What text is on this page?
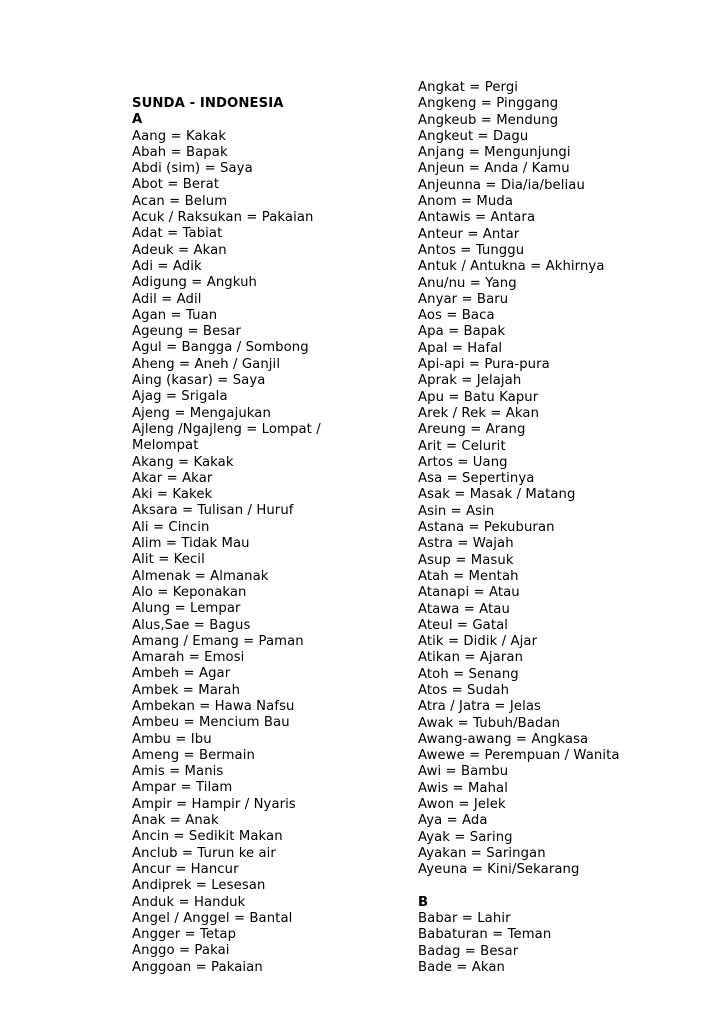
SUNDA - INDONESIA
A
Aang = Kakak
Abah = Bapak
Abdi (sim) = Saya
Abot = Berat
Acan = Belum
Acuk / Raksukan = Pakaian
Adat = Tabiat
Adeuk = Akan
Adi = Adik
Adigung = Angkuh
Adil = Adil
Agan = Tuan
Ageung = Besar
Agul = Bangga / Sombong
Aheng = Aneh / Ganjil
Aing (kasar) = Saya
Ajag = Srigala
Ajeng = Mengajukan
Ajleng /Ngajleng = Lompat /
Melompat
Akang = Kakak
Akar = Akar
Aki = Kakek
Aksara = Tulisan / Huruf
Ali = Cincin
Alim = Tidak Mau
Alit = Kecil
Almenak = Almanak
Alo = Keponakan
Alung = Lempar
Alus,Sae = Bagus
Amang / Emang = Paman
Amarah = Emosi
Ambeh = Agar
Ambek = Marah
Ambekan = Hawa Nafsu
Ambeu = Mencium Bau
Ambu = Ibu
Ameng = Bermain
Amis = Manis
Ampar = Tilam
Ampir = Hampir / Nyaris
Anak = Anak
Ancin = Sedikit Makan
Anclub = Turun ke air
Ancur = Hancur
Andiprek = Lesesan
Anduk = Handuk
Angel / Anggel = Bantal
Angger = Tetap
Anggo = Pakai
Anggoan = Pakaian
Angkat = Pergi
Angkeng = Pinggang
Angkeub = Mendung
Angkeut = Dagu
Anjang = Mengunjungi
Anjeun = Anda / Kamu
Anjeunna = Dia/ia/beliau
Anom = Muda
Antawis = Antara
Anteur = Antar
Antos = Tunggu
Antuk / Antukna = Akhirnya
Anu/nu = Yang
Anyar = Baru
Aos = Baca
Apa = Bapak
Apal = Hafal
Api-api = Pura-pura
Aprak = Jelajah
Apu = Batu Kapur
Arek / Rek = Akan
Areung = Arang
Arit = Celurit
Artos = Uang
Asa = Sepertinya
Asak = Masak / Matang
Asin = Asin
Astana = Pekuburan
Astra = Wajah
Asup = Masuk
Atah = Mentah
Atanapi = Atau
Atawa = Atau
Ateul = Gatal
Atik = Didik / Ajar
Atikan = Ajaran
Atoh = Senang
Atos = Sudah
Atra / Jatra = Jelas
Awak = Tubuh/Badan
Awang-awang = Angkasa
Awewe = Perempuan / Wanita
Awi = Bambu
Awis = Mahal
Awon = Jelek
Aya = Ada
Ayak = Saring
Ayakan = Saringan
Ayeuna = Kini/Sekarang
B
Babar = Lahir
Babaturan = Teman
Badag = Besar
Bade = Akan
